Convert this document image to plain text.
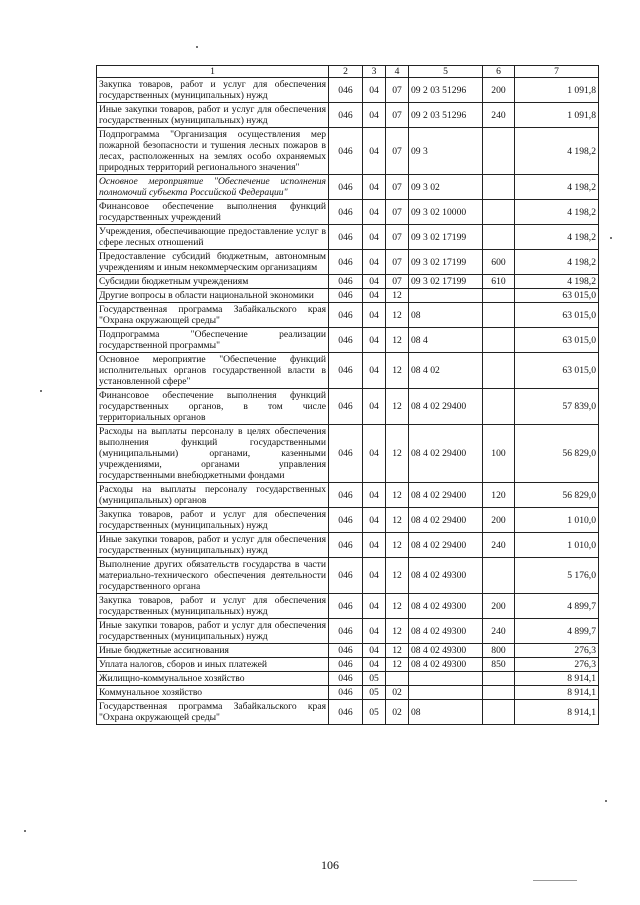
1	2	3	4	5	6	7
Закупка товаров, работ и услуг для обеспечения государственных (муниципальных) нужд	046	04	07	09 2 03 51296	200	1 091,8
Иные закупки товаров, работ и услуг для обеспечения государственных (муниципальных) нужд	046	04	07	09 2 03 51296	240	1 091,8
Подпрограмма "Организация осуществления мер пожарной безопасности и тушения лесных пожаров в лесах, расположенных на землях особо охраняемых природных территорий регионального значения"	046	04	07	09 3		4 198,2
Основное мероприятие "Обеспечение исполнения полномочий субъекта Российской Федерации"	046	04	07	09 3 02		4 198,2
Финансовое обеспечение выполнения функций государственных учреждений	046	04	07	09 3 02 10000		4 198,2
Учреждения, обеспечивающие предоставление услуг в сфере лесных отношений	046	04	07	09 3 02 17199		4 198,2
Предоставление субсидий бюджетным, автономным учреждениям и иным некоммерческим организациям	046	04	07	09 3 02 17199	600	4 198,2
Субсидии бюджетным учреждениям	046	04	07	09 3 02 17199	610	4 198,2
Другие вопросы в области национальной экономики	046	04	12			63 015,0
Государственная программа Забайкальского края "Охрана окружающей среды"	046	04	12	08		63 015,0
Подпрограмма "Обеспечение реализации государственной программы"	046	04	12	08 4		63 015,0
Основное мероприятие "Обеспечение функций исполнительных органов государственной власти в установленной сфере"	046	04	12	08 4 02		63 015,0
Финансовое обеспечение выполнения функций государственных органов, в том числе территориальных органов	046	04	12	08 4 02 29400		57 839,0
Расходы на выплаты персоналу в целях обеспечения выполнения функций государственными (муниципальными) органами, казенными учреждениями, органами управления государственными внебюджетными фондами	046	04	12	08 4 02 29400	100	56 829,0
Расходы на выплаты персоналу государственных (муниципальных) органов	046	04	12	08 4 02 29400	120	56 829,0
Закупка товаров, работ и услуг для обеспечения государственных (муниципальных) нужд	046	04	12	08 4 02 29400	200	1 010,0
Иные закупки товаров, работ и услуг для обеспечения государственных (муниципальных) нужд	046	04	12	08 4 02 29400	240	1 010,0
Выполнение других обязательств государства в части материально-технического обеспечения деятельности государственного органа	046	04	12	08 4 02 49300		5 176,0
Закупка товаров, работ и услуг для обеспечения государственных (муниципальных) нужд	046	04	12	08 4 02 49300	200	4 899,7
Иные закупки товаров, работ и услуг для обеспечения государственных (муниципальных) нужд	046	04	12	08 4 02 49300	240	4 899,7
Иные бюджетные ассигнования	046	04	12	08 4 02 49300	800	276,3
Уплата налогов, сборов и иных платежей	046	04	12	08 4 02 49300	850	276,3
Жилищно-коммунальное хозяйство	046	05				8 914,1
Коммунальное хозяйство	046	05	02			8 914,1
Государственная программа Забайкальского края "Охрана окружающей среды"	046	05	02	08		8 914,1
106
